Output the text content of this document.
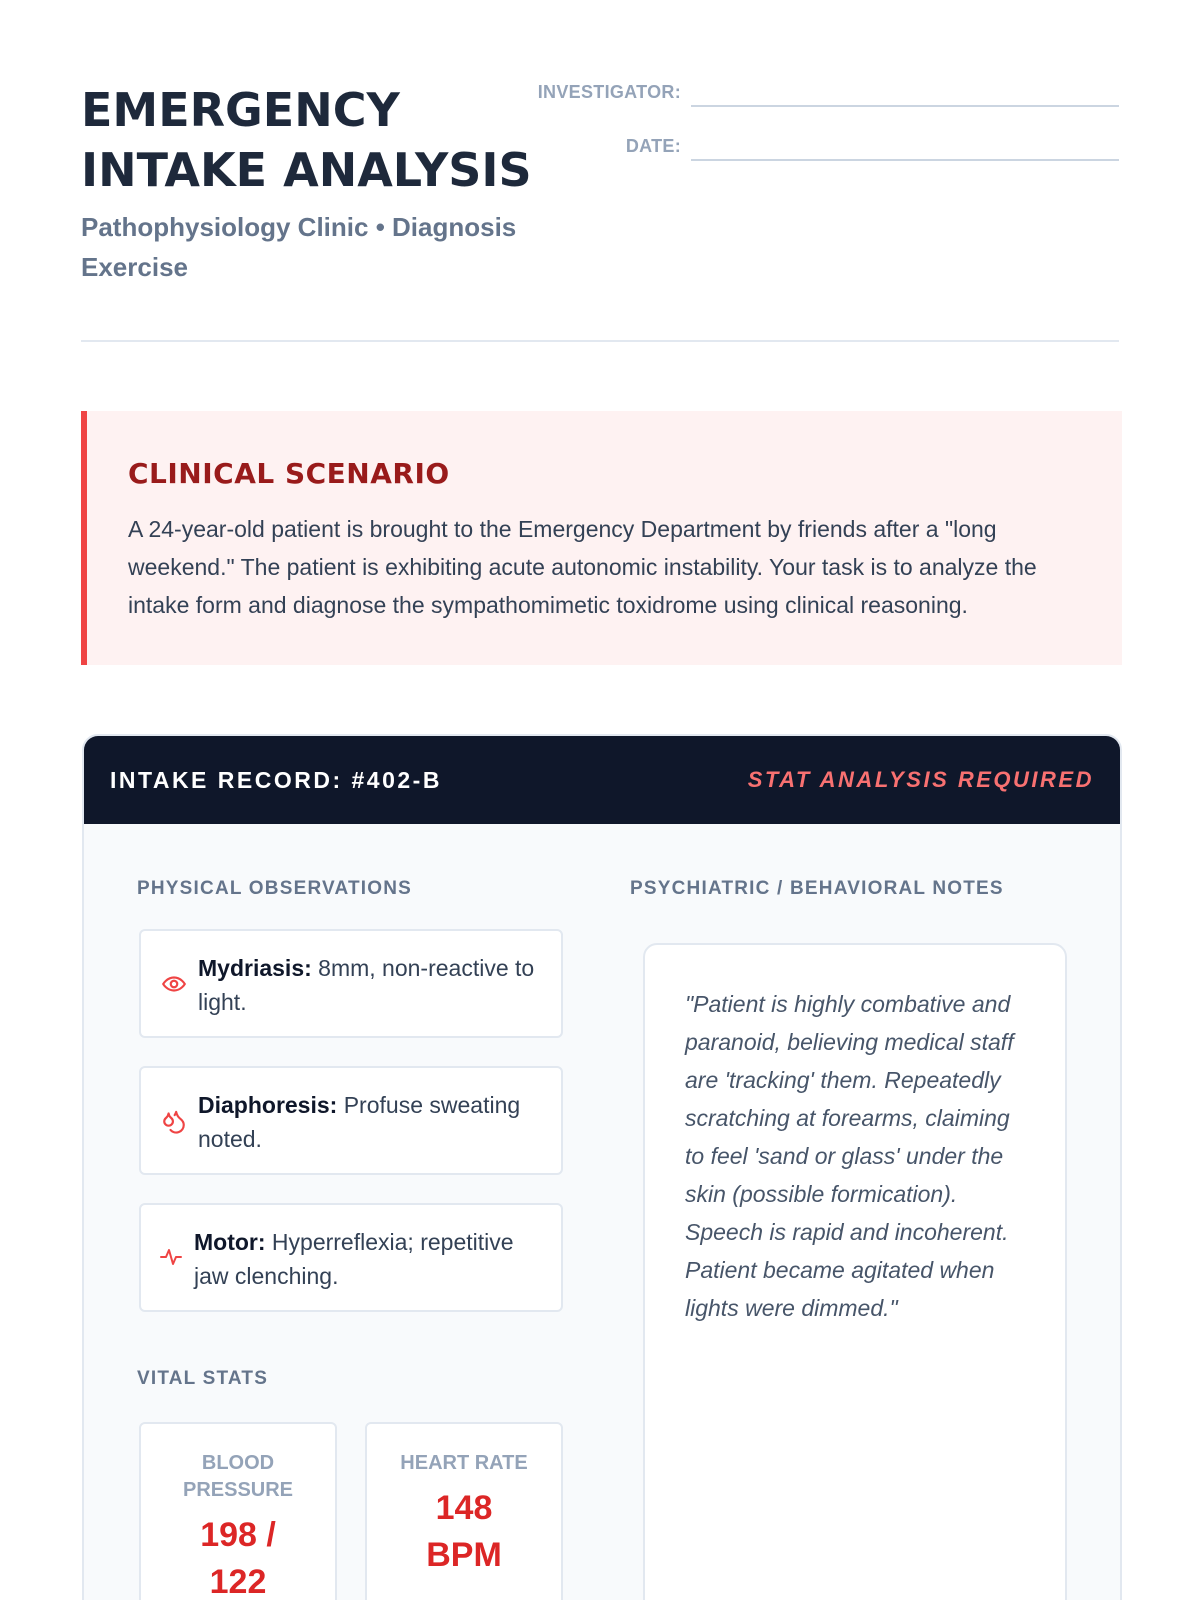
EMERGENCY
INTAKE ANALYSIS
Pathophysiology Clinic • Diagnosis Exercise
INVESTIGATOR:
DATE:
CLINICAL SCENARIO
A 24-year-old patient is brought to the Emergency Department by friends after a "long weekend." The patient is exhibiting acute autonomic instability. Your task is to analyze the intake form and diagnose the sympathomimetic toxidrome using clinical reasoning.
INTAKE RECORD: #402-B	STAT ANALYSIS REQUIRED
PHYSICAL OBSERVATIONS	PSYCHIATRIC / BEHAVIORAL NOTES
Mydriasis: 8mm, non-reactive to light.
Diaphoresis: Profuse sweating noted.
Motor: Hyperreflexia; repetitive jaw clenching.
"Patient is highly combative and paranoid, believing medical staff are 'tracking' them. Repeatedly scratching at forearms, claiming to feel 'sand or glass' under the skin (possible formication). Speech is rapid and incoherent. Patient became agitated when lights were dimmed."
VITAL STATS
BLOOD PRESSURE
198 / 122
HEART RATE
148 BPM
